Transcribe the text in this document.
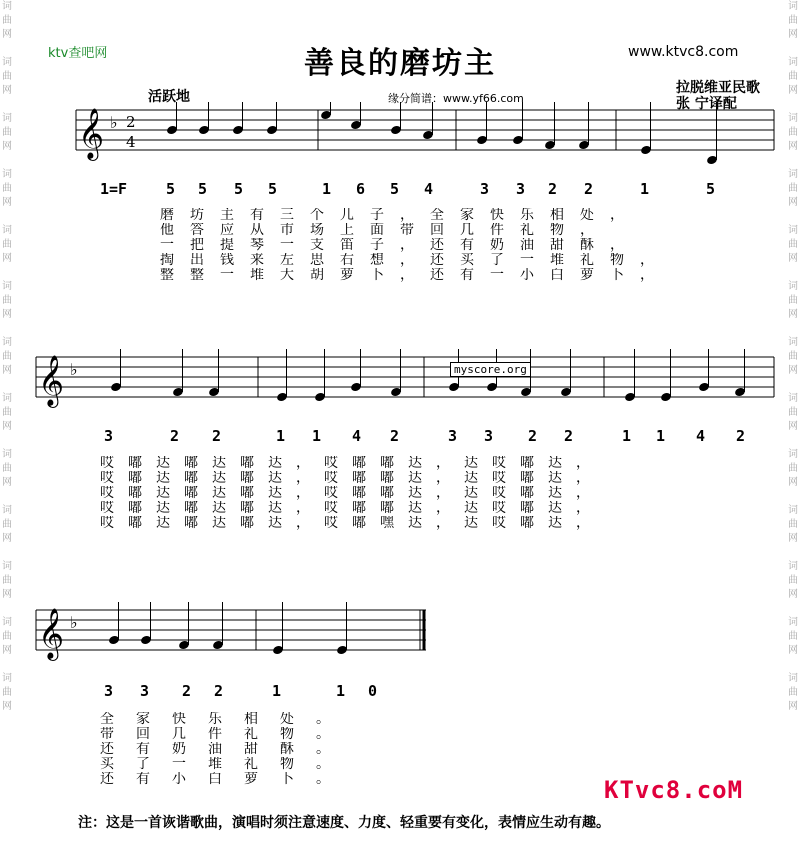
词
曲
网
词
曲
网
词
曲
网
词
曲
网
词
曲
网
词
曲
网
词
曲
网
词
曲
网
词
曲
网
词
曲
网
词
曲
网
词
曲
网
词
曲
网
词
曲
网
词
曲
网
词
曲
网
词
曲
网
词
曲
网
词
曲
网
词
曲
网
词
曲
网
词
曲
网
词
曲
网
词
曲
网
词
曲
网
词
曲
网
ktv查吧网	善良的磨坊主	www.ktvc8.com
活跃地	缘分简谱：www.yf66.com
拉脱维亚民歌
张 宁译配
1=F
𝄞 ♭ 2
4
𝄞 ♭
𝄞 ♭
myscore.org
5 5 5 5	1 6 5 4	3 3 2 2	1	5
3	2 2	1 1 4 2	3 3 2 2	1 1 4 2
3 3 2 2	1	1 0
磨坊主有三个儿子，全家快乐相处，
他答应从市场上面带回几件礼物，
一把提琴一支笛子，还有奶油甜酥，
掏出钱来左思右想，还买了一堆礼物，
整整一堆大胡萝卜，还有一小白萝卜，
哎嘟达嘟达嘟达，哎嘟嘟达，达哎嘟达，
哎嘟达嘟达嘟达，哎嘟嘟达，达哎嘟达，
哎嘟达嘟达嘟达，哎嘟嘟达，达哎嘟达，
哎嘟达嘟达嘟达，哎嘟嘟达，达哎嘟达，
哎嘟达嘟达嘟达，哎嘟嘿达，达哎嘟达，
全家快乐相处。
带回几件礼物。
还有奶油甜酥。
买了一堆礼物。
还有小白萝卜。	KTvc8.coM
注：这是一首诙谐歌曲，演唱时须注意速度、力度、轻重要有变化，表情应生动有趣。
